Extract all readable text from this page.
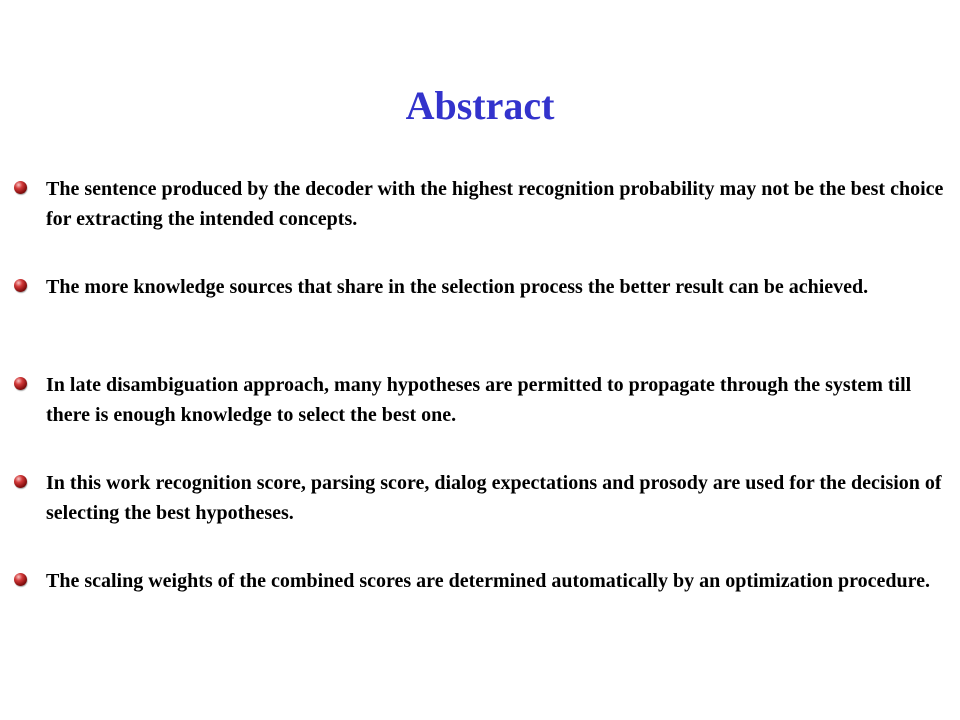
Abstract
The sentence produced by the decoder with the highest recognition probability may not be the best choice for extracting the intended concepts.
The more knowledge sources that share in the selection process the better result can be achieved.
In late disambiguation approach, many hypotheses are permitted to propagate through the system till there is enough knowledge to select the best one.
In this work recognition score, parsing score, dialog expectations and prosody are used for the decision of selecting the best hypotheses.
The scaling weights of the combined scores are determined automatically by an optimization procedure.
